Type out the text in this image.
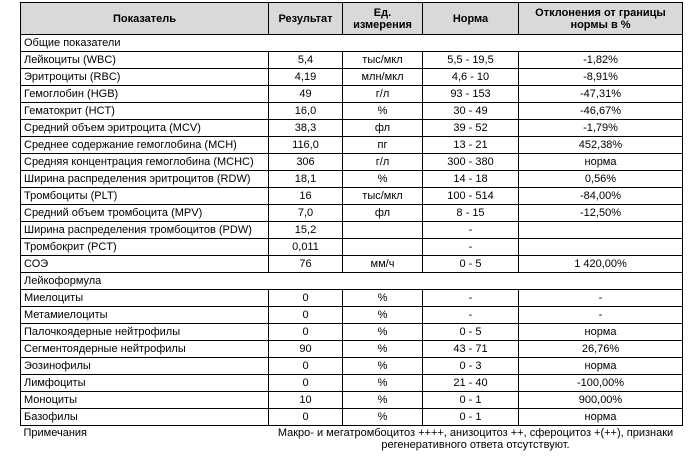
Показатель	Результат	Ед. измерения	Норма	Отклонения от границы нормы в %
Общие показатели				
Лейкоциты (WBC)	5,4	тыс/мкл	5,5 - 19,5	-1,82%
Эритроциты (RBC)	4,19	млн/мкл	4,6 - 10	-8,91%
Гемоглобин (HGB)	49	г/л	93 - 153	-47,31%
Гематокрит (HCT)	16,0	%	30 - 49	-46,67%
Средний объем эритроцита (MCV)	38,3	фл	39 - 52	-1,79%
Среднее содержание гемоглобина (MCH)	116,0	пг	13 - 21	452,38%
Средняя концентрация гемоглобина (MCHC)	306	г/л	300 - 380	норма
Ширина распределения эритроцитов (RDW)	18,1	%	14 - 18	0,56%
Тромбоциты (PLT)	16	тыс/мкл	100 - 514	-84,00%
Средний объем тромбоцита (MPV)	7,0	фл	8 - 15	-12,50%
Ширина распределения тромбоцитов (PDW)	15,2		-	
Тромбокрит (PCT)	0,011		-	
СОЭ	76	мм/ч	0 - 5	1 420,00%
Лейкоформула				
Миелоциты	0	%	-	-
Метамиелоциты	0	%	-	-
Палочкоядерные нейтрофилы	0	%	0 - 5	норма
Сегментоядерные нейтрофилы	90	%	43 - 71	26,76%
Эозинофилы	0	%	0 - 3	норма
Лимфоциты	0	%	21 - 40	-100,00%
Моноциты	10	%	0 - 1	900,00%
Базофилы	0	%	0 - 1	норма
Примечания	Макро- и мегатромбоцитоз ++++, анизоцитоз ++, сфероцитоз +(++), признаки регенеративного ответа отсутствуют.			
